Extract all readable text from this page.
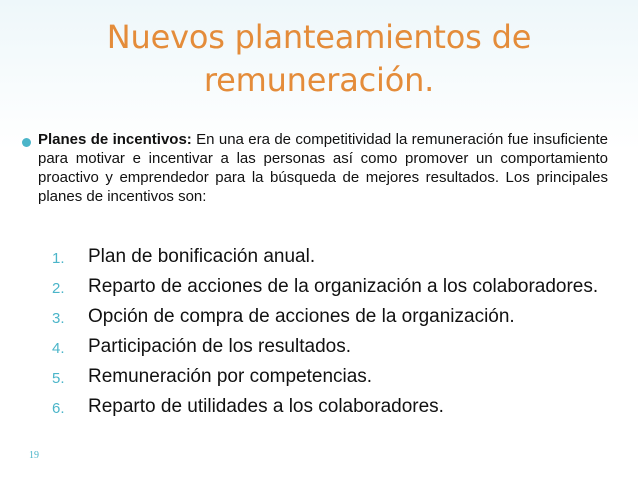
Nuevos planteamientos de
remuneración.
Planes de incentivos: En una era de competitividad la remuneración fue insuficiente para motivar e incentivar a las personas así como promover un comportamiento proactivo y emprendedor para la búsqueda de mejores resultados. Los principales planes de incentivos son:
1. Plan de bonificación anual.
2. Reparto de acciones de la organización a los colaboradores.
3. Opción de compra de acciones de la organización.
4. Participación de los resultados.
5. Remuneración por competencias.
6. Reparto de utilidades a los colaboradores.
19
